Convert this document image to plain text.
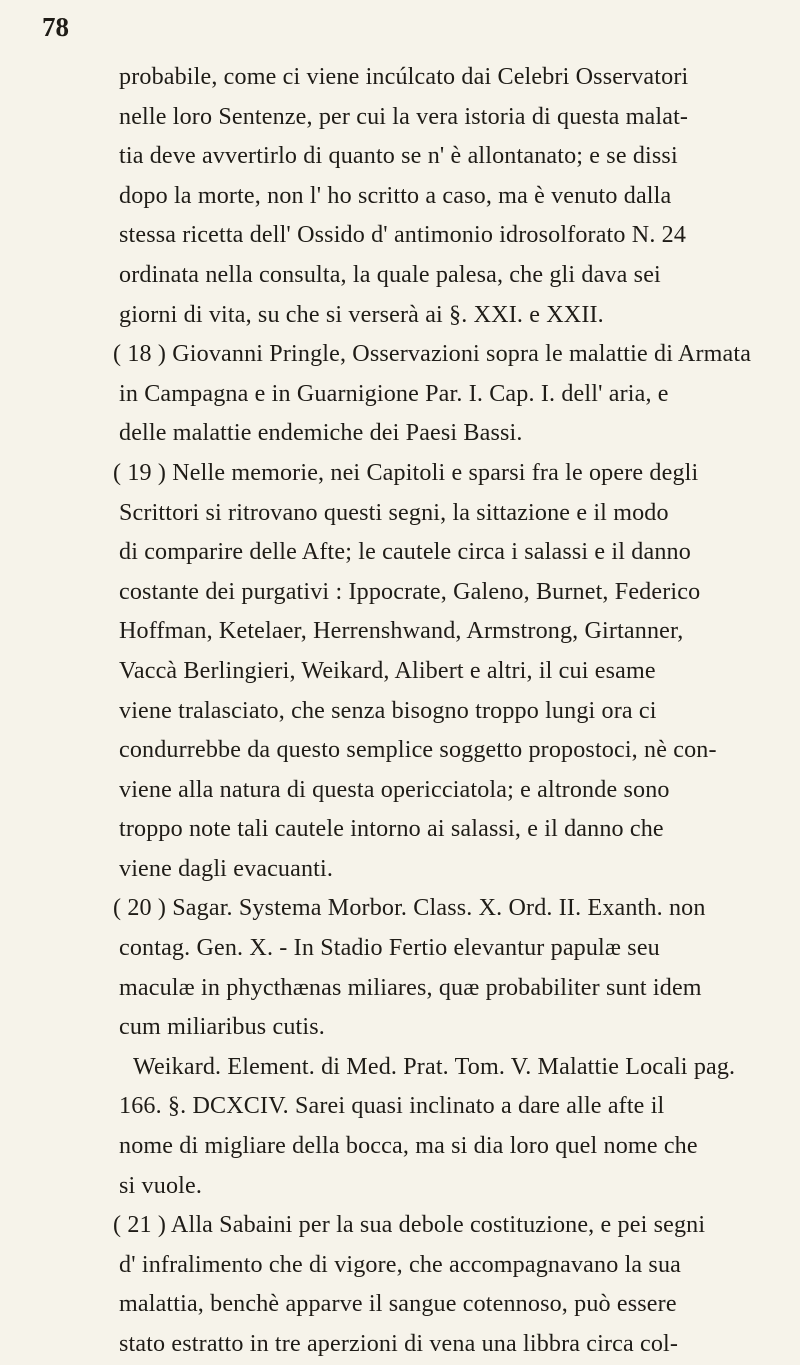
78
probabile, come ci viene incúlcato dai Celebri Osservatori
nelle loro Sentenze, per cui la vera istoria di questa malat-
tia deve avvertirlo di quanto se n' è allontanato; e se dissi
dopo la morte, non l' ho scritto a caso, ma è venuto dalla
stessa ricetta dell' Ossido d' antimonio idrosolforato N. 24
ordinata nella consulta, la quale palesa, che gli dava sei
giorni di vita, su che si verserà ai §. XXI. e XXII.
( 18 ) Giovanni Pringle, Osservazioni sopra le malattie di Armata
in Campagna e in Guarnigione Par. I. Cap. I. dell' aria, e
delle malattie endemiche dei Paesi Bassi.
( 19 ) Nelle memorie, nei Capitoli e sparsi fra le opere degli
Scrittori si ritrovano questi segni, la sittazione e il modo
di comparire delle Afte; le cautele circa i salassi e il danno
costante dei purgativi : Ippocrate, Galeno, Burnet, Federico
Hoffman, Ketelaer, Herrenshwand, Armstrong, Girtanner,
Vaccà Berlingieri, Weikard, Alibert e altri, il cui esame
viene tralasciato, che senza bisogno troppo lungi ora ci
condurrebbe da questo semplice soggetto propostoci, nè con-
viene alla natura di questa opericciatola; e altronde sono
troppo note tali cautele intorno ai salassi, e il danno che
viene dagli evacuanti.
( 20 ) Sagar. Systema Morbor. Class. X. Ord. II. Exanth. non
contag. Gen. X. - In Stadio Fertio elevantur papulæ seu
maculæ in phycthænas miliares, quæ probabiliter sunt idem
cum miliaribus cutis.
Weikard. Element. di Med. Prat. Tom. V. Malattie Locali pag.
166. §. DCXCIV. Sarei quasi inclinato a dare alle afte il
nome di migliare della bocca, ma si dia loro quel nome che
si vuole.
( 21 ) Alla Sabaini per la sua debole costituzione, e pei segni
d' infralimento che di vigore, che accompagnavano la sua
malattia, benchè apparve il sangue cotennoso, può essere
stato estratto in tre aperzioni di vena una libbra circa col-
